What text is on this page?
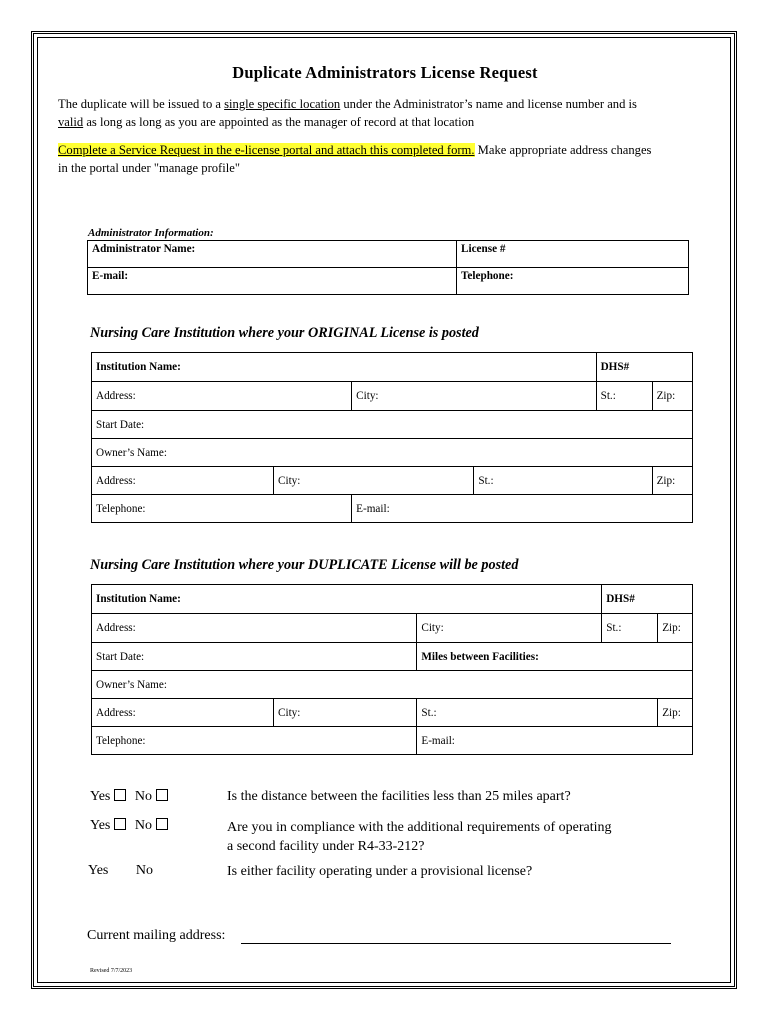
Duplicate Administrators License Request
The duplicate will be issued to a single specific location under the Administrator’s name and license number and is valid as long as long as you are appointed as the manager of record at that location
Complete a Service Request in the e-license portal and attach this completed form. Make appropriate address changes in the portal under "manage profile"
Administrator Information:
Administrator Name:	License #
E-mail:	Telephone:
Nursing Care Institution where your ORIGINAL License is posted
Institution Name:				DHS#	
Address:		City:		St.:	Zip:
Start Date:					
Owner’s Name:					
Address:	City:		St.:		Zip:
Telephone:		E-mail:			
Nursing Care Institution where your DUPLICATE License will be posted
Institution Name:			DHS#	
Address:		City:	St.:	Zip:
Start Date:		Miles between Facilities:		
Owner’s Name:				
Address:	City:	St.:		Zip:
Telephone:		E-mail:		
Yes No	Is the distance between the facilities less than 25 miles apart?
Yes No	Are you in compliance with the additional requirements of operating
a second facility under R4-33-212?
Yes No	Is either facility operating under a provisional license?
Current mailing address:
Revised 7/7/2023
